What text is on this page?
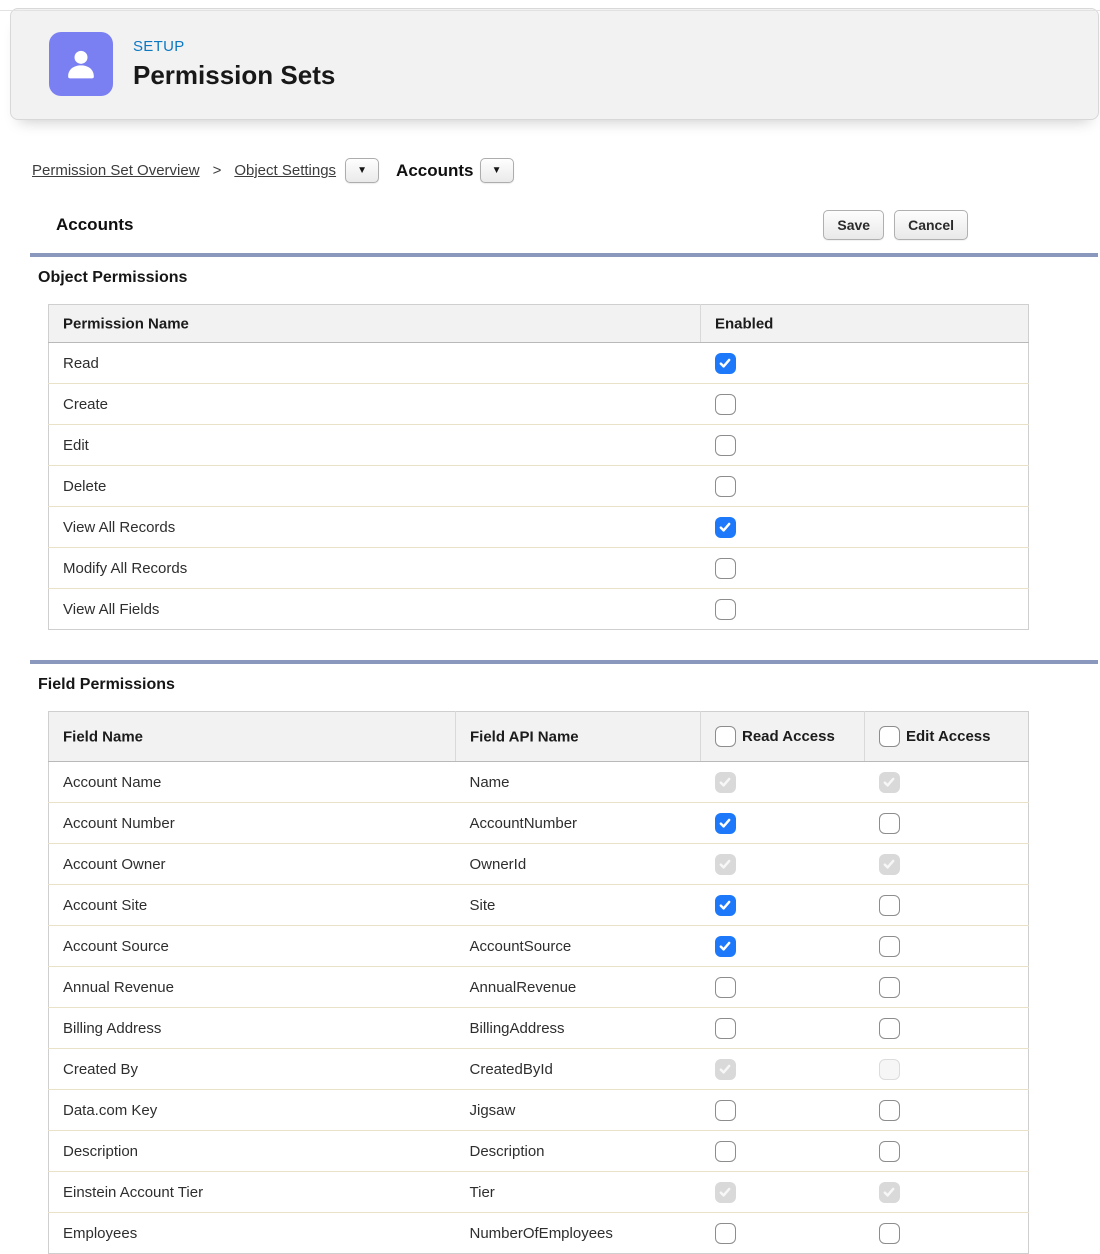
SETUP
Permission Sets
Permission Set Overview > Object Settings ▼ Accounts ▼
Accounts	Save	Cancel
Object Permissions
Permission Name	Enabled
Read	

Create	
Edit	
Delete	
View All Records	

Modify All Records	
View All Fields	
Field Permissions
Field Name	Field API Name	Read Access	Edit Access
Account Name	Name	

Account Number	AccountNumber	

Account Owner	OwnerId	

Account Site	Site	

Account Source	AccountSource	

Annual Revenue	AnnualRevenue		
Billing Address	BillingAddress		
Created By	CreatedById	

Data.com Key	Jigsaw		
Description	Description		
Einstein Account Tier	Tier	

Employees	NumberOfEmployees		
